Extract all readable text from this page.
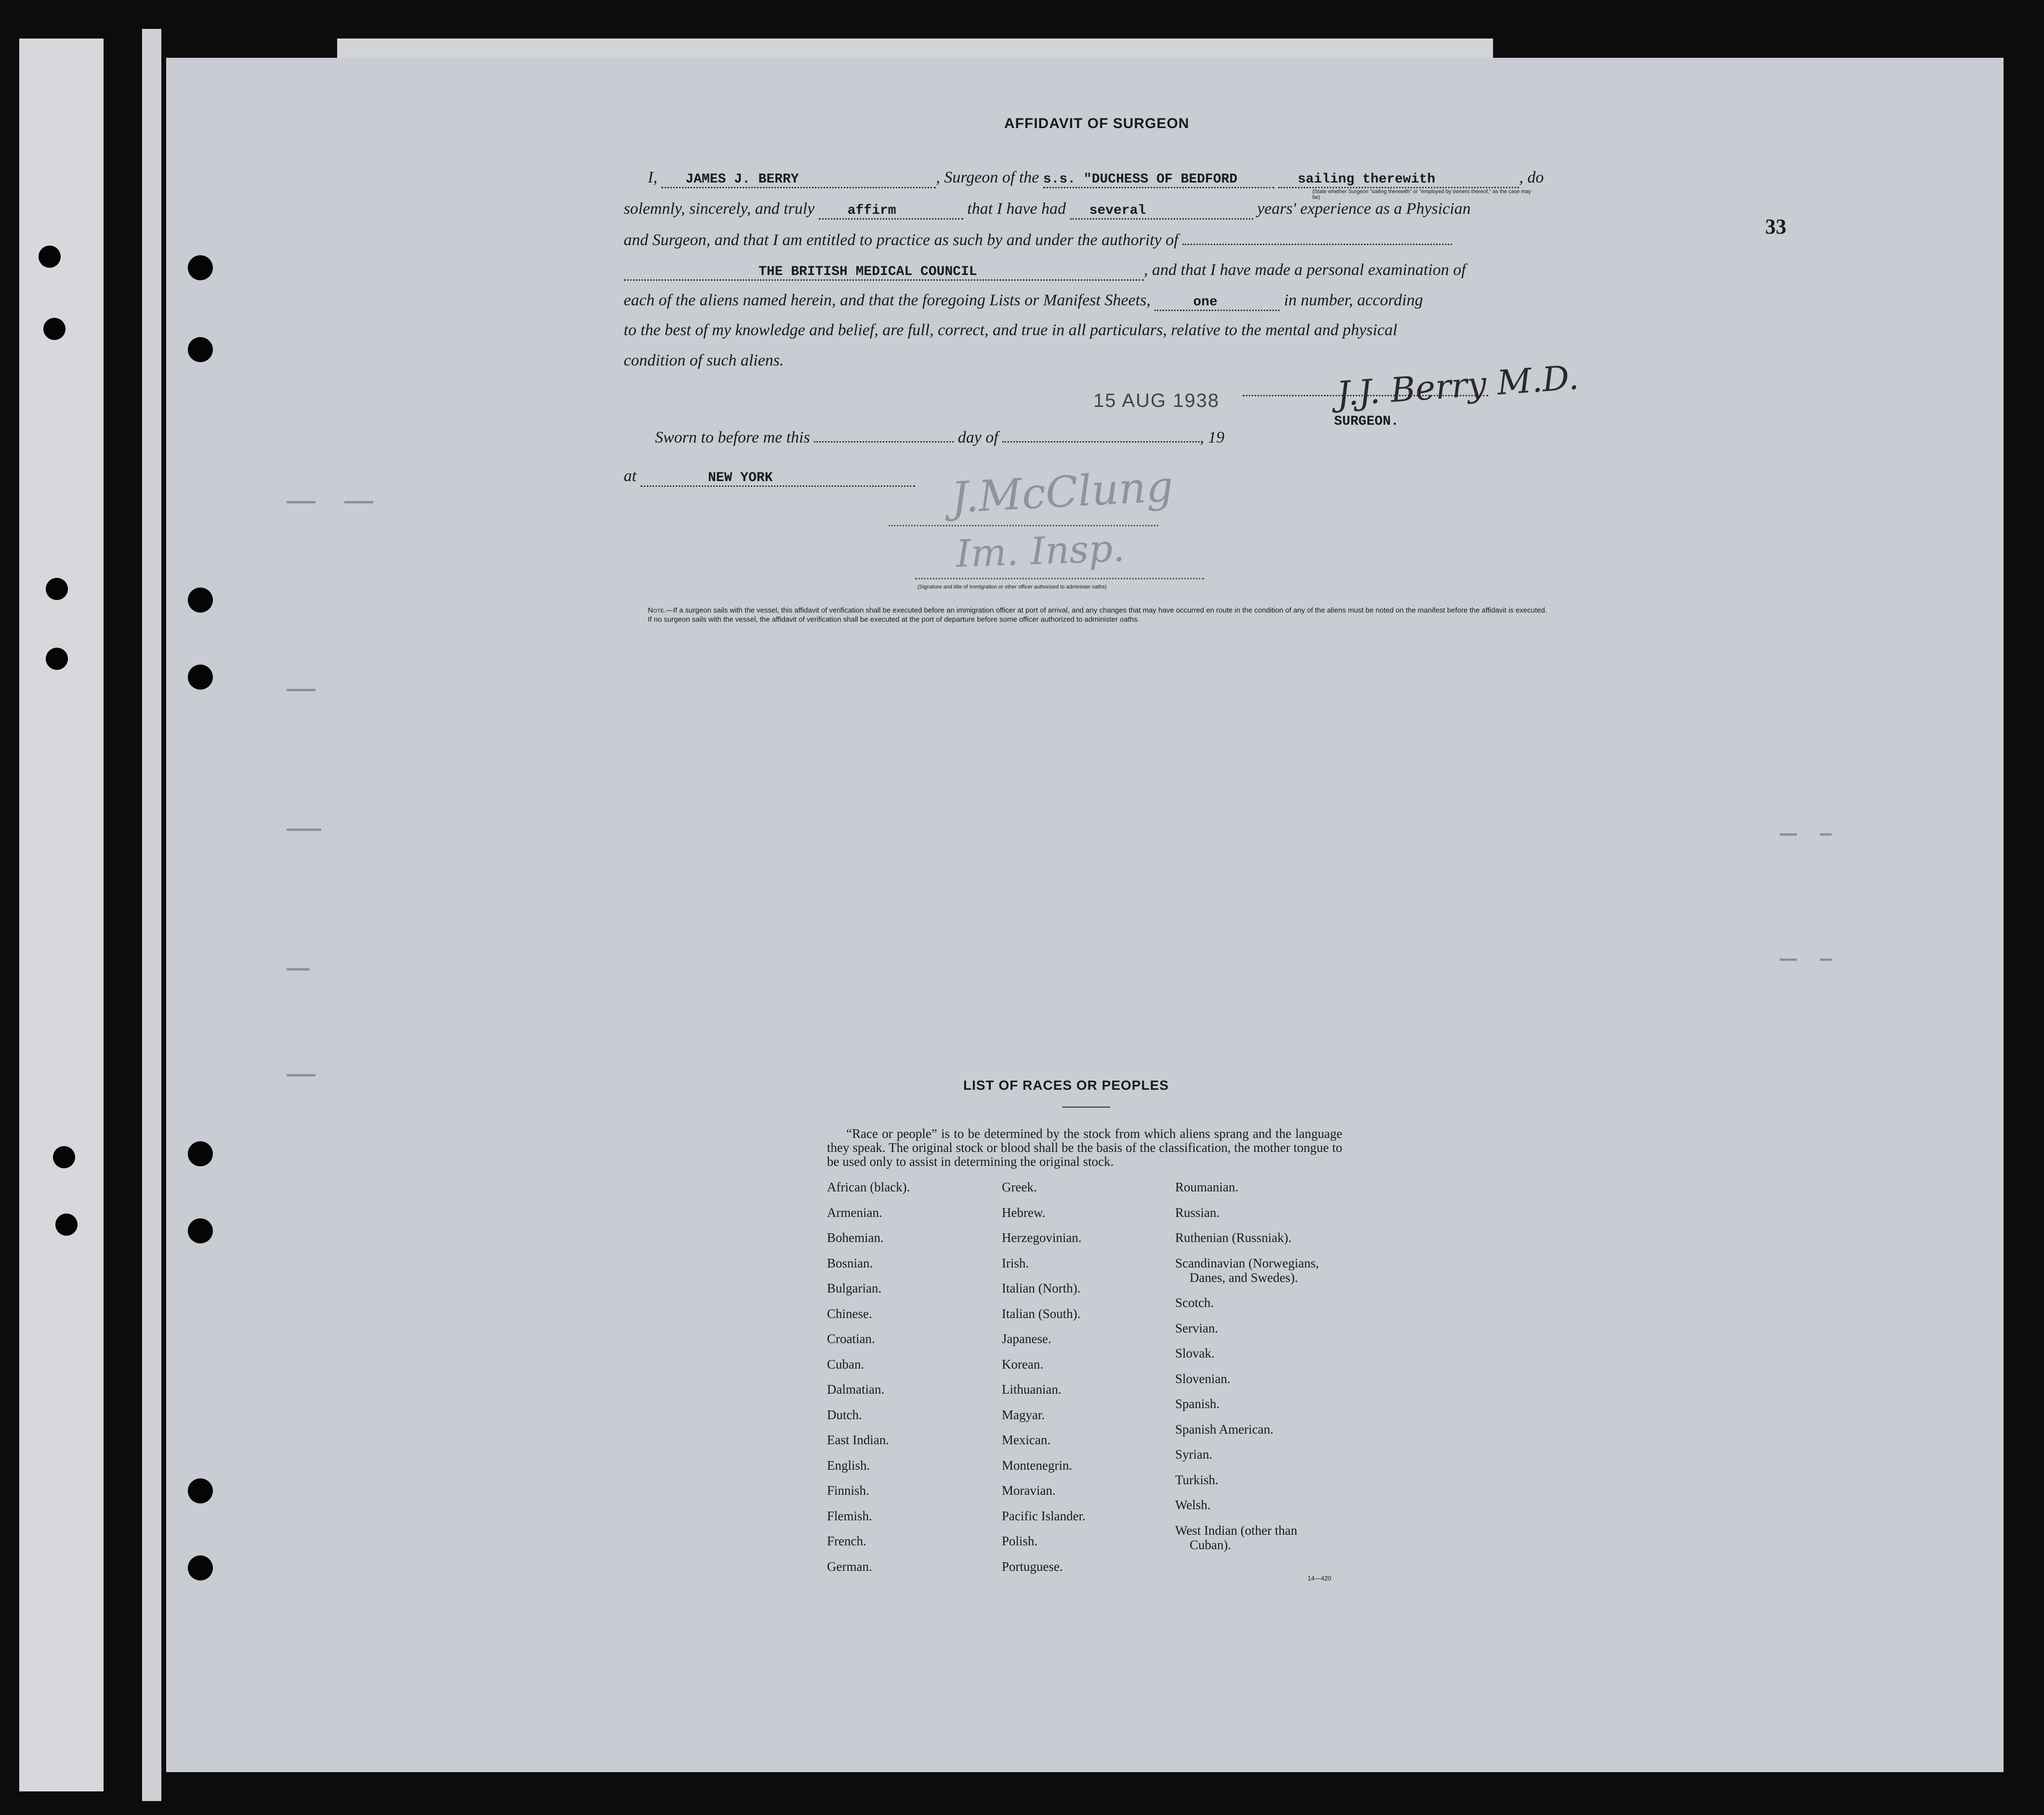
▬▬▬▬▬     ▬▬▬▬▬
▬▬▬▬▬
▬▬▬▬▬▬
▬▬▬▬
▬▬▬▬▬
▬▬▬    ▬▬
▬▬▬    ▬▬
33
AFFIDAVIT OF SURGEON
I, JAMES J. BERRY	, Surgeon of the s.s. "DUCHESS OF BEDFORD	sailing therewith	, do
(State whether Surgeon "sailing therewith" or "employed by owners thereof," as the case may be)
solemnly, sincerely, and truly affirm	that I have had several	years' experience as a Physician
and Surgeon, and that I am entitled to practice as such by and under the authority of
THE BRITISH MEDICAL COUNCIL	, and that I have made a personal examination of
each of the aliens named herein, and that the foregoing Lists or Manifest Sheets,	one	in number, according
to the best of my knowledge and belief, are full, correct, and true in all particulars, relative to the mental and physical
condition of such aliens.
15 AUG 1938	J.J. Berry M.D.
SURGEON.
Sworn to before me this	day of	, 19
at	NEW YORK	J.McClung
Im. Insp.
(Signature and title of Immigration or other officer authorized to administer oaths)
Note.—If a surgeon sails with the vessel, this affidavit of verification shall be executed before an immigration officer at port of arrival, and any changes that may have occurred en route in the condition of any of the aliens must be noted on the manifest before the affidavit is executed.
If no surgeon sails with the vessel, the affidavit of verification shall be executed at the port of departure before some officer authorized to administer oaths.
LIST OF RACES OR PEOPLES
“Race or people” is to be determined by the stock from which aliens sprang and the language they speak. The original stock or blood shall be the basis of the classification, the mother tongue to be used only to assist in determining the original stock.
African (black).
Armenian.
Bohemian.
Bosnian.
Bulgarian.
Chinese.
Croatian.
Cuban.
Dalmatian.
Dutch.
East Indian.
English.
Finnish.
Flemish.
French.
German.
Greek.
Hebrew.
Herzegovinian.
Irish.
Italian (North).
Italian (South).
Japanese.
Korean.
Lithuanian.
Magyar.
Mexican.
Montenegrin.
Moravian.
Pacific Islander.
Polish.
Portuguese.
Roumanian.
Russian.
Ruthenian (Russniak).
Scandinavian (Norwegians,
Danes, and Swedes).
Scotch.
Servian.
Slovak.
Slovenian.
Spanish.
Spanish American.
Syrian.
Turkish.
Welsh.
West Indian (other than
Cuban).
14—420
